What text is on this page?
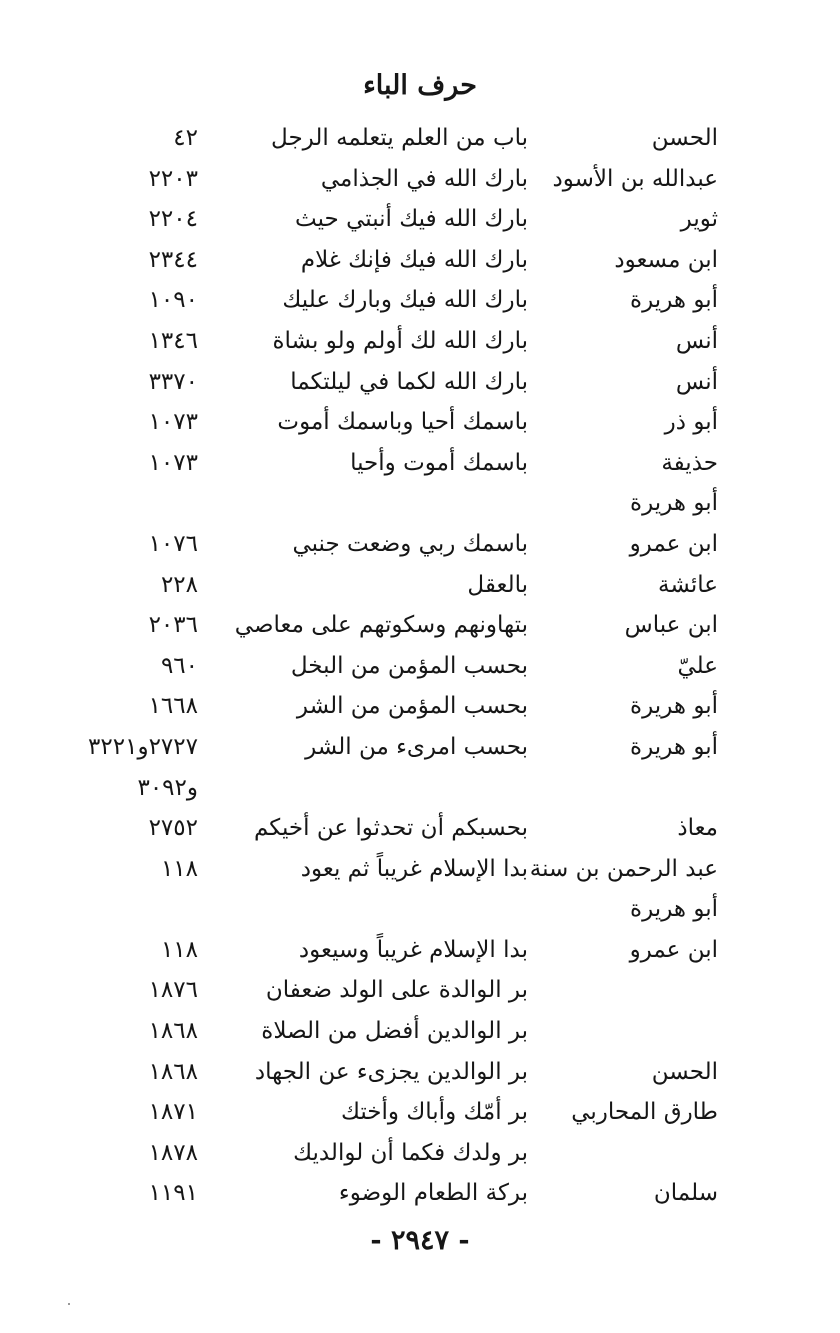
حرف الباء
الحسن
باب من العلم يتعلمه الرجل
٤٢
عبدالله بن الأسود
بارك الله في الجذامي
٢٢٠٣
ثوير
بارك الله فيك أنبتي حيث
٢٢٠٤
ابن مسعود
بارك الله فيك فإنك غلام
٢٣٤٤
أبو هريرة
بارك الله فيك وبارك عليك
١٠٩٠
أنس
بارك الله لك أولم ولو بشاة
١٣٤٦
أنس
بارك الله لكما في ليلتكما
٣٣٧٠
أبو ذر
باسمك أحيا وباسمك أموت
١٠٧٣
حذيفة
باسمك أموت وأحيا
١٠٧٣
أبو هريرة
ابن عمرو
باسمك ربي وضعت جنبي
١٠٧٦
عائشة
بالعقل
٢٢٨
ابن عباس
بتهاونهم وسكوتهم على معاصي
٢٠٣٦
عليّ
بحسب المؤمن من البخل
٩٦٠
أبو هريرة
بحسب المؤمن من الشر
١٦٦٨
أبو هريرة
بحسب امرىء من الشر
٢٧٢٧و٣٢٢١
و٣٠٩٢
معاذ
بحسبكم أن تحدثوا عن أخيكم
٢٧٥٢
عبد الرحمن بن سنة
بدا الإسلام غريباً ثم يعود
١١٨
أبو هريرة
ابن عمرو
بدا الإسلام غريباً وسيعود
١١٨
بر الوالدة على الولد ضعفان
١٨٧٦
بر الوالدين أفضل من الصلاة
١٨٦٨
الحسن
بر الوالدين يجزىء عن الجهاد
١٨٦٨
طارق المحاربي
بر أمّك وأباك وأختك
١٨٧١
بر ولدك فكما أن لوالديك
١٨٧٨
سلمان
بركة الطعام الوضوء
١١٩١
- ٢٩٤٧ -
